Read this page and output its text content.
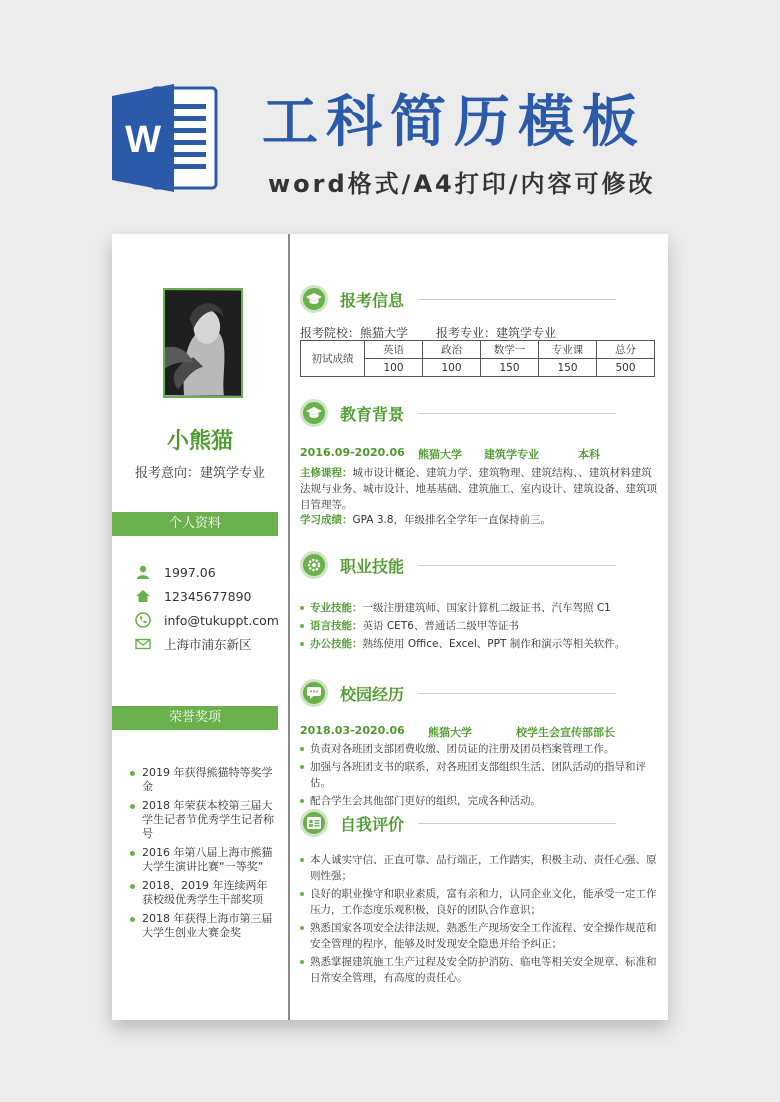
W 工科简历模板
word格式/A4打印/内容可修改
小熊猫
报考意向：建筑学专业
个人资料
1997.06
12345677890
info@tukuppt.com
上海市浦东新区
荣誉奖项
2019 年获得熊猫特等奖学金
2018 年荣获本校第三届大学生记者节优秀学生记者称号
2016 年第八届上海市熊猫大学生演讲比赛“一等奖”
2018、2019 年连续两年获校级优秀学生干部奖项
2018 年获得上海市第三届大学生创业大赛金奖
报考信息
报考院校：熊猫大学 报考专业：建筑学专业
初试成绩	英语	政治	数学一	专业课	总分
	100	100	150	150	500
教育背景
2016.09-2020.06 熊猫大学 建筑学专业	本科
主修课程：城市设计概论、建筑力学、建筑物理、建筑结构、、建筑材料建筑法规与业务、城市设计、地基基础、建筑施工、室内设计、建筑设备、建筑项目管理等。
学习成绩：GPA 3.8，年级排名全学年一直保持前三。
职业技能
专业技能：一级注册建筑师、国家计算机二级证书、汽车驾照 C1
语言技能：英语 CET6、普通话二级甲等证书
办公技能：熟练使用 Office、Excel、PPT 制作和演示等相关软件。
校园经历
2018.03-2020.06 熊猫大学	校学生会宣传部部长
负责对各班团支部团费收缴、团员证的注册及团员档案管理工作。
加强与各班团支书的联系，对各班团支部组织生活、团队活动的指导和评估。
配合学生会其他部门更好的组织，完成各种活动。
自我评价
本人诚实守信、正直可靠、品行端正，工作踏实，积极主动、责任心强、原则性强；
良好的职业操守和职业素质，富有亲和力，认同企业文化，能承受一定工作压力，工作态度乐观积极，良好的团队合作意识；
熟悉国家各项安全法律法规，熟悉生产现场安全工作流程、安全操作规范和安全管理的程序，能够及时发现安全隐患并给予纠正；
熟悉掌握建筑施工生产过程及安全防护消防、临电等相关安全规章、标准和日常安全管理，有高度的责任心。
